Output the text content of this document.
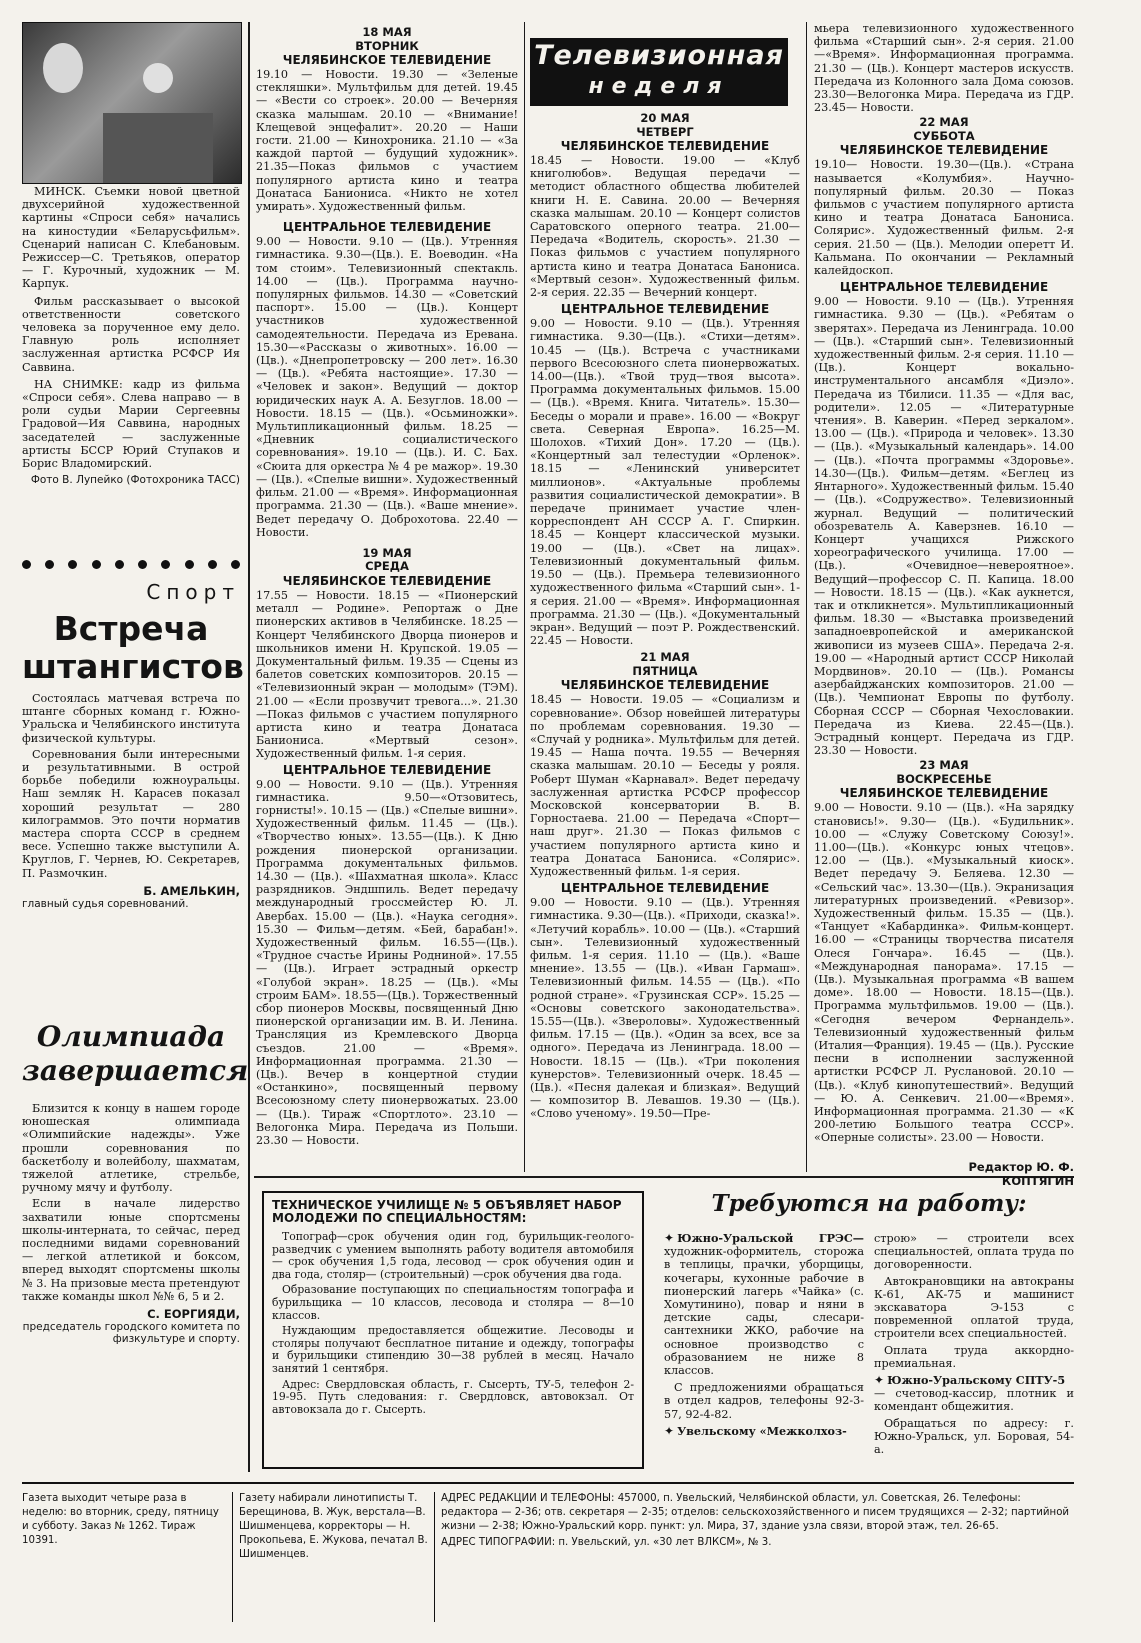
МИНСК. Съемки новой цветной двухсерийной художественной картины «Спроси себя» начались на киностудии «Беларусьфильм». Сценарий написан С. Клебановым. Режиссер—С. Третьяков, оператор — Г. Курочный, художник — М. Карпук.

Фильм рассказывает о высокой ответственности советского человека за порученное ему дело. Главную роль исполняет заслуженная артистка РСФСР Ия Саввина.

НА СНИМКЕ: кадр из фильма «Спроси себя». Слева направо — в роли судьи Марии Сергеевны Градовой—Ия Саввина, народных заседателей — заслуженные артисты БССР Юрий Ступаков и Борис Владомирский.

Фото В. Лупейко (Фотохроника ТАСС)

Спорт
Встреча штангистов

Состоялась матчевая встреча по штанге сборных команд г. Южно-Уральска и Челябинского института физической культуры.

Соревнования были интересными и результативными. В острой борьбе победили южноуральцы. Наш земляк Н. Карасев показал хороший результат — 280 килограммов. Это почти норматив мастера спорта СССР в среднем весе. Успешно также выступили А. Круглов, Г. Чернев, Ю. Секретарев, П. Размочкин.

Б. АМЕЛЬКИН,

главный судья соревнований.

Олимпиада завершается

Близится к концу в нашем городе юношеская олимпиада «Олимпийские надежды». Уже прошли соревнования по баскетболу и волейболу, шахматам, тяжелой атлетике, стрельбе, ручному мячу и футболу.

Если в начале лидерство захватили юные спортсмены школы-интерната, то сейчас, перед последними видами соревнований — легкой атлетикой и боксом, вперед выходят спортсмены школы № 3. На призовые места претендуют также команды школ №№ 6, 5 и 2.

С. ЕОРГИЯДИ,

председатель городского комитета по физкультуре и спорту.

18 МАЯ
ВТОРНИК
ЧЕЛЯБИНСКОЕ ТЕЛЕВИДЕНИЕ

19.10 — Новости. 19.30 — «Зеленые стекляшки». Мультфильм для детей. 19.45 — «Вести со строек». 20.00 — Вечерняя сказка малышам. 20.10 — «Внимание! Клещевой энцефалит». 20.20 — Наши гости. 21.00 — Кинохроника. 21.10 — «За каждой партой — будущий художник». 21.35—Показ фильмов с участием популярного артиста кино и театра Донатаса Баниониса. «Никто не хотел умирать». Художественный фильм.

ЦЕНТРАЛЬНОЕ ТЕЛЕВИДЕНИЕ

9.00 — Новости. 9.10 — (Цв.). Утренняя гимнастика. 9.30—(Цв.). Е. Воеводин. «На том стоим». Телевизионный спектакль. 14.00 — (Цв.). Программа научно-популярных фильмов. 14.30 — «Советский паспорт». 15.00 — (Цв.). Концерт участников художественной самодеятельности. Передача из Еревана. 15.30—«Рассказы о животных». 16.00 — (Цв.). «Днепропетровску — 200 лет». 16.30 — (Цв.). «Ребята настоящие». 17.30 — «Человек и закон». Ведущий — доктор юридических наук А. А. Безуглов. 18.00 — Новости. 18.15 — (Цв.). «Осьминожки». Мультипликационный фильм. 18.25 — «Дневник социалистического соревнования». 19.10 — (Цв.). И. С. Бах. «Сюита для оркестра № 4 ре мажор». 19.30 — (Цв.). «Спелые вишни». Художественный фильм. 21.00 — «Время». Информационная программа. 21.30 — (Цв.). «Ваше мнение». Ведет передачу О. Доброхотова. 22.40 — Новости.

19 МАЯ
СРЕДА
ЧЕЛЯБИНСКОЕ ТЕЛЕВИДЕНИЕ

17.55 — Новости. 18.15 — «Пионерский металл — Родине». Репортаж о Дне пионерских активов в Челябинске. 18.25 — Концерт Челябинского Дворца пионеров и школьников имени Н. Крупской. 19.05 — Документальный фильм. 19.35 — Сцены из балетов советских композиторов. 20.15 — «Телевизионный экран — молодым» (ТЭМ). 21.00 — «Если прозвучит тревога...». 21.30—Показ фильмов с участием популярного артиста кино и театра Донатаса Баниониса. «Мертвый сезон». Художественный фильм. 1-я серия.

ЦЕНТРАЛЬНОЕ ТЕЛЕВИДЕНИЕ

9.00 — Новости. 9.10 — (Цв.). Утренняя гимнастика. 9.50—«Отзовитесь, горнисты!». 10.15 — (Цв.) «Спелые вишни». Художественный фильм. 11.45 — (Цв.). «Творчество юных». 13.55—(Цв.). К Дню рождения пионерской организации. Программа документальных фильмов. 14.30 — (Цв.). «Шахматная школа». Класс разрядников. Эндшпиль. Ведет передачу международный гроссмейстер Ю. Л. Авербах. 15.00 — (Цв.). «Наука сегодня». 15.30 — Фильм—детям. «Бей, барабан!». Художественный фильм. 16.55—(Цв.). «Трудное счастье Ирины Родниной». 17.55 — (Цв.). Играет эстрадный оркестр «Голубой экран». 18.25 — (Цв.). «Мы строим БАМ». 18.55—(Цв.). Торжественный сбор пионеров Москвы, посвященный Дню пионерской организации им. В. И. Ленина. Трансляция из Кремлевского Дворца съездов. 21.00 — «Время». Информационная программа. 21.30 — (Цв.). Вечер в концертной студии «Останкино», посвященный первому Всесоюзному слету пионервожатых. 23.00 — (Цв.). Тираж «Спортлото». 23.10 — Велогонка Мира. Передача из Польши. 23.30 — Новости.

Телевизионная
неделя
20 МАЯ
ЧЕТВЕРГ
ЧЕЛЯБИНСКОЕ ТЕЛЕВИДЕНИЕ

18.45 — Новости. 19.00 — «Клуб книголюбов». Ведущая передачи — методист областного общества любителей книги Н. Е. Савина. 20.00 — Вечерняя сказка малышам. 20.10 — Концерт солистов Саратовского оперного театра. 21.00—Передача «Водитель, скорость». 21.30 — Показ фильмов с участием популярного артиста кино и театра Донатаса Банониса. «Мертвый сезон». Художественный фильм. 2-я серия. 22.35 — Вечерний концерт.

ЦЕНТРАЛЬНОЕ ТЕЛЕВИДЕНИЕ

9.00 — Новости. 9.10 — (Цв.). Утренняя гимнастика. 9.30—(Цв.). «Стихи—детям». 10.45 — (Цв.). Встреча с участниками первого Всесоюзного слета пионервожатых. 14.00—(Цв.). «Твой труд—твоя высота». Программа документальных фильмов. 15.00 — (Цв.). «Время. Книга. Читатель». 15.30—Беседы о морали и праве». 16.00 — «Вокруг света. Северная Европа». 16.25—М. Шолохов. «Тихий Дон». 17.20 — (Цв.). «Концертный зал телестудии «Орленок». 18.15 — «Ленинский университет миллионов». «Актуальные проблемы развития социалистической демократии». В передаче принимает участие член-корреспондент АН СССР А. Г. Спиркин. 18.45 — Концерт классической музыки. 19.00 — (Цв.). «Свет на лицах». Телевизионный документальный фильм. 19.50 — (Цв.). Премьера телевизионного художественного фильма «Старший сын». 1-я серия. 21.00 — «Время». Информационная программа. 21.30 — (Цв.). «Документальный экран». Ведущий — поэт Р. Рождественский. 22.45 — Новости.

21 МАЯ
ПЯТНИЦА
ЧЕЛЯБИНСКОЕ ТЕЛЕВИДЕНИЕ

18.45 — Новости. 19.05 — «Социализм и соревнование». Обзор новейшей литературы по проблемам соревнования. 19.30 — «Случай у родника». Мультфильм для детей. 19.45 — Наша почта. 19.55 — Вечерняя сказка малышам. 20.10 — Беседы у рояля. Роберт Шуман «Карнавал». Ведет передачу заслуженная артистка РСФСР профессор Московской консерватории В. В. Горностаева. 21.00 — Передача «Спорт—наш друг». 21.30 — Показ фильмов с участием популярного артиста кино и театра Донатаса Банониса. «Солярис». Художественный фильм. 1-я серия.

ЦЕНТРАЛЬНОЕ ТЕЛЕВИДЕНИЕ

9.00 — Новости. 9.10 — (Цв.). Утренняя гимнастика. 9.30—(Цв.). «Приходи, сказка!». «Летучий корабль». 10.00 — (Цв.). «Старший сын». Телевизионный художественный фильм. 1-я серия. 11.10 — (Цв.). «Ваше мнение». 13.55 — (Цв.). «Иван Гармаш». Телевизионный фильм. 14.55 — (Цв.). «По родной стране». «Грузинская ССР». 15.25 — «Основы советского законодательства». 15.55—(Цв.). «Звероловы». Художественный фильм. 17.15 — (Цв.). «Один за всех, все за одного». Передача из Ленинграда. 18.00 — Новости. 18.15 — (Цв.). «Три поколения кунерстов». Телевизионный очерк. 18.45 — (Цв.). «Песня далекая и близкая». Ведущий — композитор В. Левашов. 19.30 — (Цв.). «Слово ученому». 19.50—Пре-

мьера телевизионного художественного фильма «Старший сын». 2-я серия. 21.00—«Время». Информационная программа. 21.30 — (Цв.). Концерт мастеров искусств. Передача из Колонного зала Дома союзов. 23.30—Велогонка Мира. Передача из ГДР. 23.45— Новости.

22 МАЯ
СУББОТА
ЧЕЛЯБИНСКОЕ ТЕЛЕВИДЕНИЕ

19.10— Новости. 19.30—(Цв.). «Страна называется «Колумбия». Научно-популярный фильм. 20.30 — Показ фильмов с участием популярного артиста кино и театра Донатаса Банониса. Солярис». Художественный фильм. 2-я серия. 21.50 — (Цв.). Мелодии оперетт И. Кальмана. По окончании — Рекламный калейдоскоп.

ЦЕНТРАЛЬНОЕ ТЕЛЕВИДЕНИЕ

9.00 — Новости. 9.10 — (Цв.). Утренняя гимнастика. 9.30 — (Цв.). «Ребятам о зверятах». Передача из Ленинграда. 10.00 — (Цв.). «Старший сын». Телевизионный художественный фильм. 2-я серия. 11.10 — (Цв.). Концерт вокально-инструментального ансамбля «Диэло». Передача из Тбилиси. 11.35 — «Для вас, родители». 12.05 — «Литературные чтения». В. Каверин. «Перед зеркалом». 13.00 — (Цв.). «Природа и человек». 13.30 — (Цв.). «Музыкальный календарь». 14.00 — (Цв.). «Почта программы «Здоровье». 14.30—(Цв.). Фильм—детям. «Беглец из Янтарного». Художественный фильм. 15.40 — (Цв.). «Содружество». Телевизионный журнал. Ведущий — политический обозреватель А. Каверзнев. 16.10 — Концерт учащихся Рижского хореографического училища. 17.00 — (Цв.). «Очевидное—невероятное». Ведущий—профессор С. П. Капица. 18.00 — Новости. 18.15 — (Цв.). «Как аукнется, так и откликнется». Мультипликационный фильм. 18.30 — «Выставка произведений западноевропейской и американской живописи из музеев США». Передача 2-я. 19.00 — «Народный артист СССР Николай Мордвинов». 20.10 — (Цв.). Романсы азербайджанских композиторов. 21.00 — (Цв.). Чемпионат Европы по футболу. Сборная СССР — Сборная Чехословакии. Передача из Киева. 22.45—(Цв.). Эстрадный концерт. Передача из ГДР. 23.30 — Новости.

23 МАЯ
ВОСКРЕСЕНЬЕ
ЧЕЛЯБИНСКОЕ ТЕЛЕВИДЕНИЕ

9.00 — Новости. 9.10 — (Цв.). «На зарядку становись!». 9.30— (Цв.). «Будильник». 10.00 — «Служу Советскому Союзу!». 11.00—(Цв.). «Конкурс юных чтецов». 12.00 — (Цв.). «Музыкальный киоск». Ведет передачу Э. Беляева. 12.30 — «Сельский час». 13.30—(Цв.). Экранизация литературных произведений. «Ревизор». Художественный фильм. 15.35 — (Цв.). «Танцует «Кабардинка». Фильм-концерт. 16.00 — «Страницы творчества писателя Олеся Гончара». 16.45 — (Цв.). «Международная панорама». 17.15 — (Цв.). Музыкальная программа «В вашем доме». 18.00 — Новости. 18.15—(Цв.). Программа мультфильмов. 19.00 — (Цв.). «Сегодня вечером Фернандель». Телевизионный художественный фильм (Италия—Франция). 19.45 — (Цв.). Русские песни в исполнении заслуженной артистки РСФСР Л. Руслановой. 20.10 — (Цв.). «Клуб кинопутешествий». Ведущий — Ю. А. Сенкевич. 21.00—«Время». Информационная программа. 21.30 — «К 200-летию Большого театра СССР». «Оперные солисты». 23.00 — Новости.

Редактор Ю. Ф. КОПТЯГИН

ТЕХНИЧЕСКОЕ УЧИЛИЩЕ № 5 ОБЪЯВЛЯЕТ НАБОР МОЛОДЕЖИ ПО СПЕЦИАЛЬНОСТЯМ:

Топограф—срок обучения один год, бурильщик-геолого-разведчик с умением выполнять работу водителя автомобиля — срок обучения 1,5 года, лесовод — срок обучения один и два года, столяр— (строительный) —срок обучения два года.

Образование поступающих по специальностям топографа и бурильщика — 10 классов, лесовода и столяра — 8—10 классов.

Нуждающим предоставляется общежитие. Лесоводы и столяры получают бесплатное питание и одежду, топографы и бурильщики стипендию 30—38 рублей в месяц. Начало занятий 1 сентября.

Адрес: Свердловская область, г. Сысерть, ТУ-5, телефон 2-19-95. Путь следования: г. Свердловск, автовокзал. От автовокзала до г. Сысерть.

Требуются на работу:

✦ Южно-Уральской ГРЭС— художник-оформитель, сторожа в теплицы, прачки, уборщицы, кочегары, кухонные рабочие в пионерский лагерь «Чайка» (с. Хомутинино), повар и няни в детские сады, слесари-сантехники ЖКО, рабочие на основное производство с образованием не ниже 8 классов.

С предложениями обращаться в отдел кадров, телефоны 92-3-57, 92-4-82.

✦ Увельскому «Межколхоз-

строю» — строители всех специальностей, оплата труда по договоренности.

Автокрановщики на автокраны К-61, АК-75 и машинист экскаватора Э-153 с повременной оплатой труда, строители всех специальностей.

Оплата труда аккордно-премиальная.

✦ Южно-Уральскому СПТУ-5

— счетовод-кассир, плотник и комендант общежития.

Обращаться по адресу: г. Южно-Уральск, ул. Боровая, 54-а.

Газета выходит четыре раза в неделю: во вторник, среду, пятницу и субботу. Заказ № 1262. Тираж 10391.
Газету набирали линотиписты Т. Берещинова, В. Жук, верстала—В. Шишменцева, корректоры — Н. Прокопьева, Е. Жукова, печатал В. Шишменцев.
АДРЕС РЕДАКЦИИ И ТЕЛЕФОНЫ: 457000, п. Увельский, Челябинской области, ул. Советская, 26. Телефоны: редактора — 2-36; отв. секретаря — 2-35; отделов: сельскохозяйственного и писем трудящихся — 2-32; партийной жизни — 2-38; Южно-Уральский корр. пункт: ул. Мира, 37, здание узла связи, второй этаж, тел. 26-65.
АДРЕС ТИПОГРАФИИ: п. Увельский, ул. «30 лет ВЛКСМ», № 3.
